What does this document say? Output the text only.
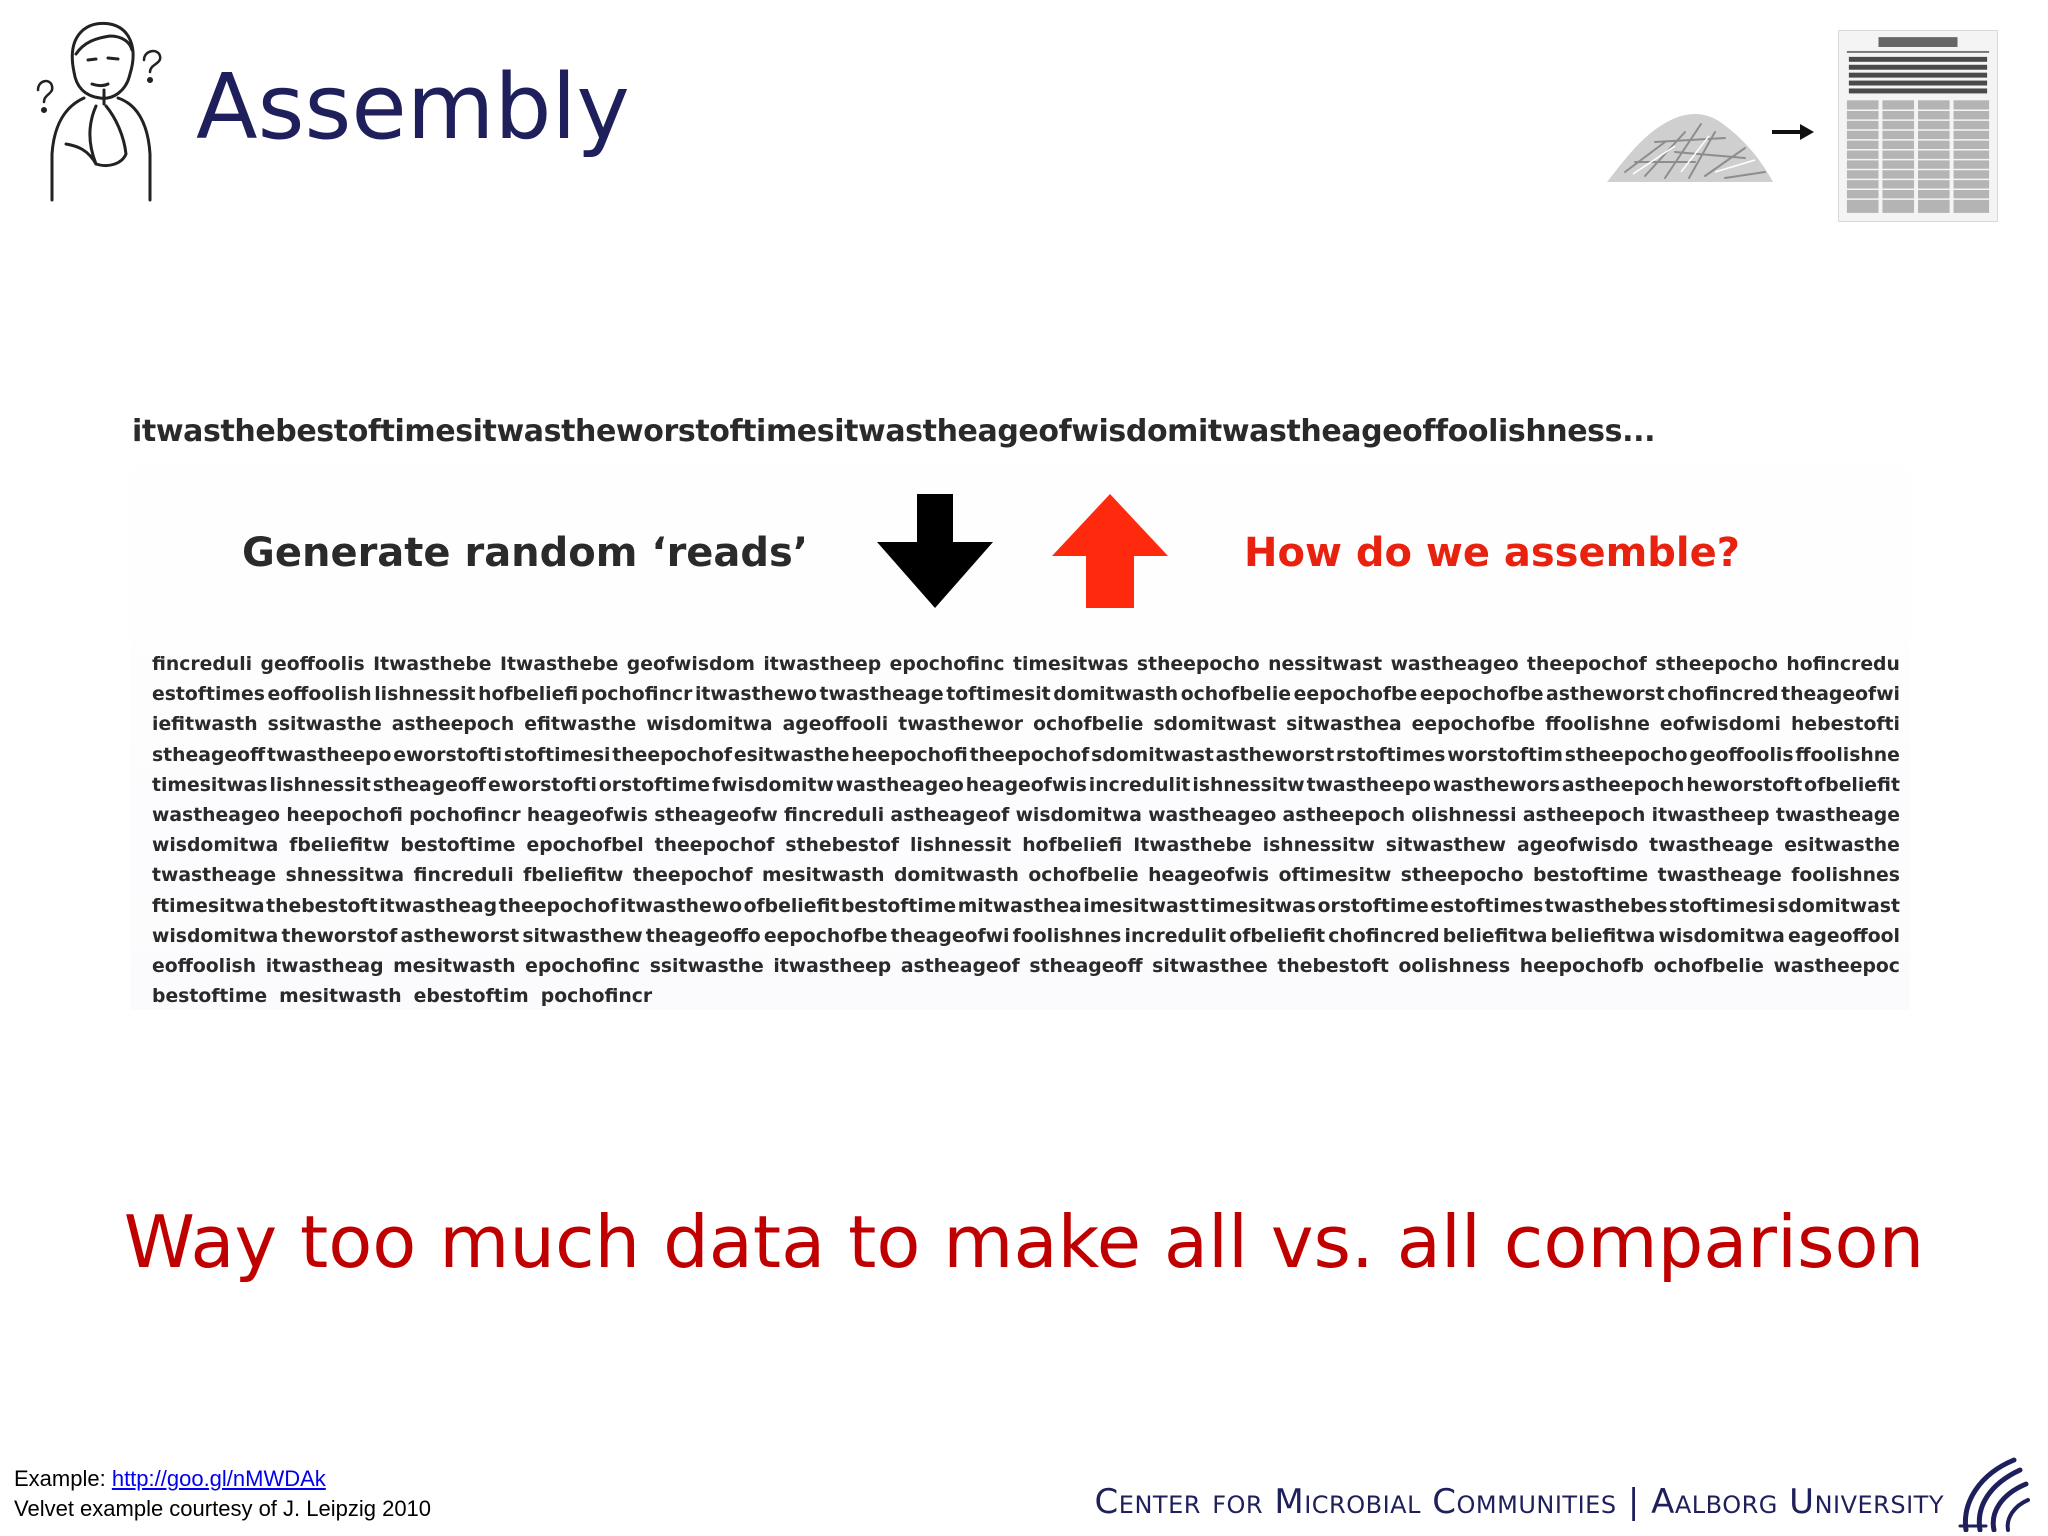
Assembly

itwasthebestoftimesitwastheworstoftimesitwastheageofwisdomitwastheageoffoolishness...

Generate random ‘reads’	How do we assemble?

fincreduli geoffoolis Itwasthebe Itwasthebe geofwisdom itwastheep epochofinc timesitwas stheepocho nessitwast wastheageo theepochof stheepocho hofincredu
estoftimes eoffoolish lishnessit hofbeliefi pochofincr itwasthewo twastheage toftimesit domitwasth ochofbelie eepochofbe eepochofbe astheworst chofincred theageofwi
iefitwasth ssitwasthe astheepoch efitwasthe wisdomitwa ageoffooli twasthewor ochofbelie sdomitwast sitwasthea eepochofbe ffoolishne eofwisdomi hebestofti
stheageoff twastheepo eworstofti stoftimesi theepochof esitwasthe heepochofi theepochof sdomitwast astheworst rstoftimes worstoftim stheepocho geoffoolis ffoolishne
timesitwas lishnessit stheageoff eworstofti orstoftime fwisdomitw wastheageo heageofwis incredulit ishnessitw twastheepo wasthewors astheepoch heworstoft ofbeliefit
wastheageo heepochofi pochofincr heageofwis stheageofw fincreduli astheageof wisdomitwa wastheageo astheepoch olishnessi astheepoch itwastheep twastheage
wisdomitwa fbeliefitw bestoftime epochofbel theepochof sthebestof lishnessit hofbeliefi Itwasthebe ishnessitw sitwasthew ageofwisdo twastheage esitwasthe
twastheage shnessitwa fincreduli fbeliefitw theepochof mesitwasth domitwasth ochofbelie heageofwis oftimesitw stheepocho bestoftime twastheage foolishnes
ftimesitwa thebestoft itwastheag theepochof itwasthewo ofbeliefit bestoftime mitwasthea imesitwast timesitwas orstoftime estoftimes twasthebes stoftimesi sdomitwast
wisdomitwa theworstof astheworst sitwasthew theageoffo eepochofbe theageofwi foolishnes incredulit ofbeliefit chofincred beliefitwa beliefitwa wisdomitwa eageoffool
eoffoolish itwastheag mesitwasth epochofinc ssitwasthe itwastheep astheageof stheageoff sitwasthee thebestoft oolishness heepochofb ochofbelie wastheepoc
bestoftime mesitwasth ebestoftim pochofincr

Way too much data to make all vs. all comparison

Example: http://goo.gl/nMWDAk
Velvet example courtesy of J. Leipzig 2010	Center for Microbial Communities | Aalborg University
